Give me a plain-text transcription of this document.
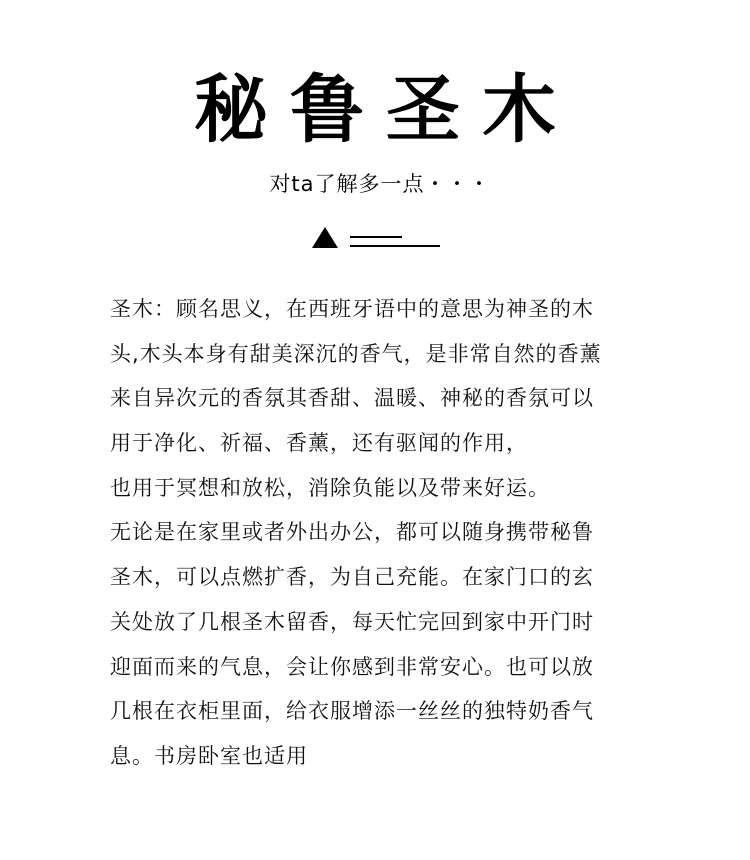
秘鲁圣木
对ta了解多一点・・・
圣木：顾名思义，在西班牙语中的意思为神圣的木
头,木头本身有甜美深沉的香气，是非常自然的香薰
来自异次元的香氛其香甜、温暖、神秘的香氛可以
用于净化、祈福、香薰，还有驱闻的作用，
也用于冥想和放松，消除负能以及带来好运。
无论是在家里或者外出办公，都可以随身携带秘鲁
圣木，可以点燃扩香，为自己充能。在家门口的玄
关处放了几根圣木留香，每天忙完回到家中开门时
迎面而来的气息，会让你感到非常安心。也可以放
几根在衣柜里面，给衣服增添一丝丝的独特奶香气
息。书房卧室也适用
